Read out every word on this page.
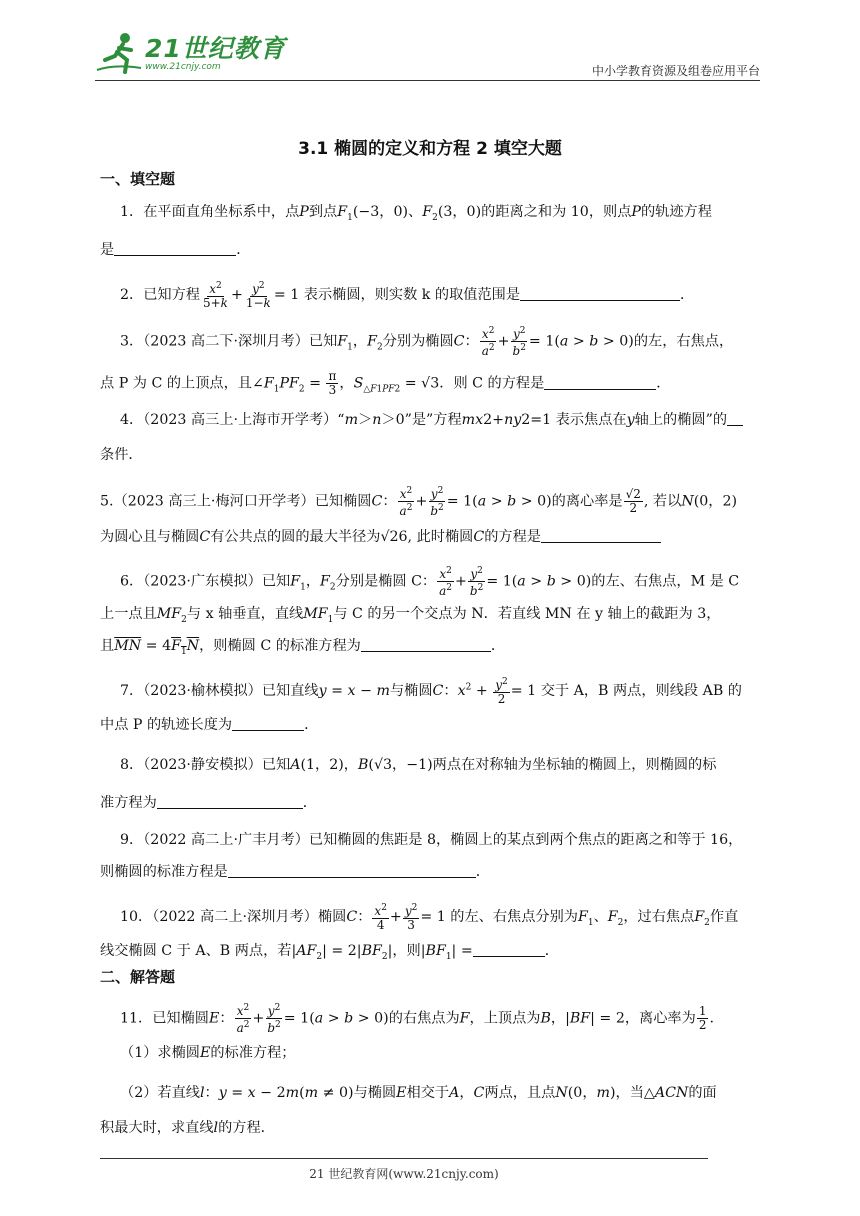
21世纪教育
www.21cnjy.com	中小学教育资源及组卷应用平台
3.1 椭圆的定义和方程 2 填空大题
一、填空题
1．在平面直角坐标系中，点P到点$F_1(-3$，0)、$F_2(3$，0)的距离之和为 10，则点P的轨迹方程
是	．
2．已知方程 $\frac{x^2}{5+k} + \frac{y^2}{1-k} = 1$ 表示椭圆，则实数 k 的取值范围是	．
3．（2023 高二下·深圳月考）已知$F_1$，$F_2$分别为椭圆C： $\frac{x^2}{a^2} + \frac{y^2}{b^2} = 1(a > b > 0)$的左，右焦点，
点 P 为 C 的上顶点，且$\angle F_1PF_2 = \frac{\pi}{3}$ ，$S_{\triangle F1PF2} = √3$．则 C 的方程是	．
4．（2023 高三上·上海市开学考）“m＞n＞0”是”方程mx2+ny2=1 表示焦点在y轴上的椭圆”的
条件．
5.（2023 高三上·梅河口开学考）已知椭圆C： $\frac{x^2}{a^2} + \frac{y^2}{b^2} = 1(a > b > 0)$的离心率是 $\frac{√2}{2}$ , 若以N(0，2)
为圆心且与椭圆C有公共点的圆的最大半径为√26, 此时椭圆C的方程是
6．（2023·广东模拟）已知$F_1$，$F_2$分别是椭圆 C： $\frac{x^2}{a^2} + \frac{y^2}{b^2} = 1(a > b > 0)$的左、右焦点，M 是 C
上一点且$MF_2$与 x 轴垂直，直线$MF_1$与 C 的另一个交点为 N．若直线 MN 在 y 轴上的截距为 3，
且$\overline{MN} = 4F_1N$，则椭圆 C 的标准方程为	．
7．（2023·榆林模拟）已知直线y = x − m与椭圆C：$x^2 + \frac{y^2}{2} = 1$ 交于 A，B 两点，则线段 AB 的
中点 P 的轨迹长度为	．
8．（2023·静安模拟）已知A(1，2)，B(√3，−1)两点在对称轴为坐标轴的椭圆上，则椭圆的标
准方程为	．
9．（2022 高二上·广丰月考）已知椭圆的焦距是 8，椭圆上的某点到两个焦点的距离之和等于 16，
则椭圆的标准方程是	．
10．（2022 高二上·深圳月考）椭圆C： $\frac{x^2}{4} + \frac{y^2}{3} = 1$ 的左、右焦点分别为$F_1$、$F_2$，过右焦点$F_2$作直
线交椭圆 C 于 A、B 两点，若$|AF_2| = 2|BF_2|$，则$|BF_1|$ =	．
二、解答题
11．已知椭圆E： $\frac{x^2}{a^2} + \frac{y^2}{b^2} = 1(a > b > 0)$的右焦点为F，上顶点为B，|BF| = 2，离心率为 $\frac{1}{2}$ .
（1）求椭圆E的标准方程；
（2）若直线l：y = x − 2m(m ≠ 0)与椭圆E相交于A，C两点，且点N(0，m)，当△ACN的面
积最大时，求直线l的方程．
21 世纪教育网(www.21cnjy.com)
